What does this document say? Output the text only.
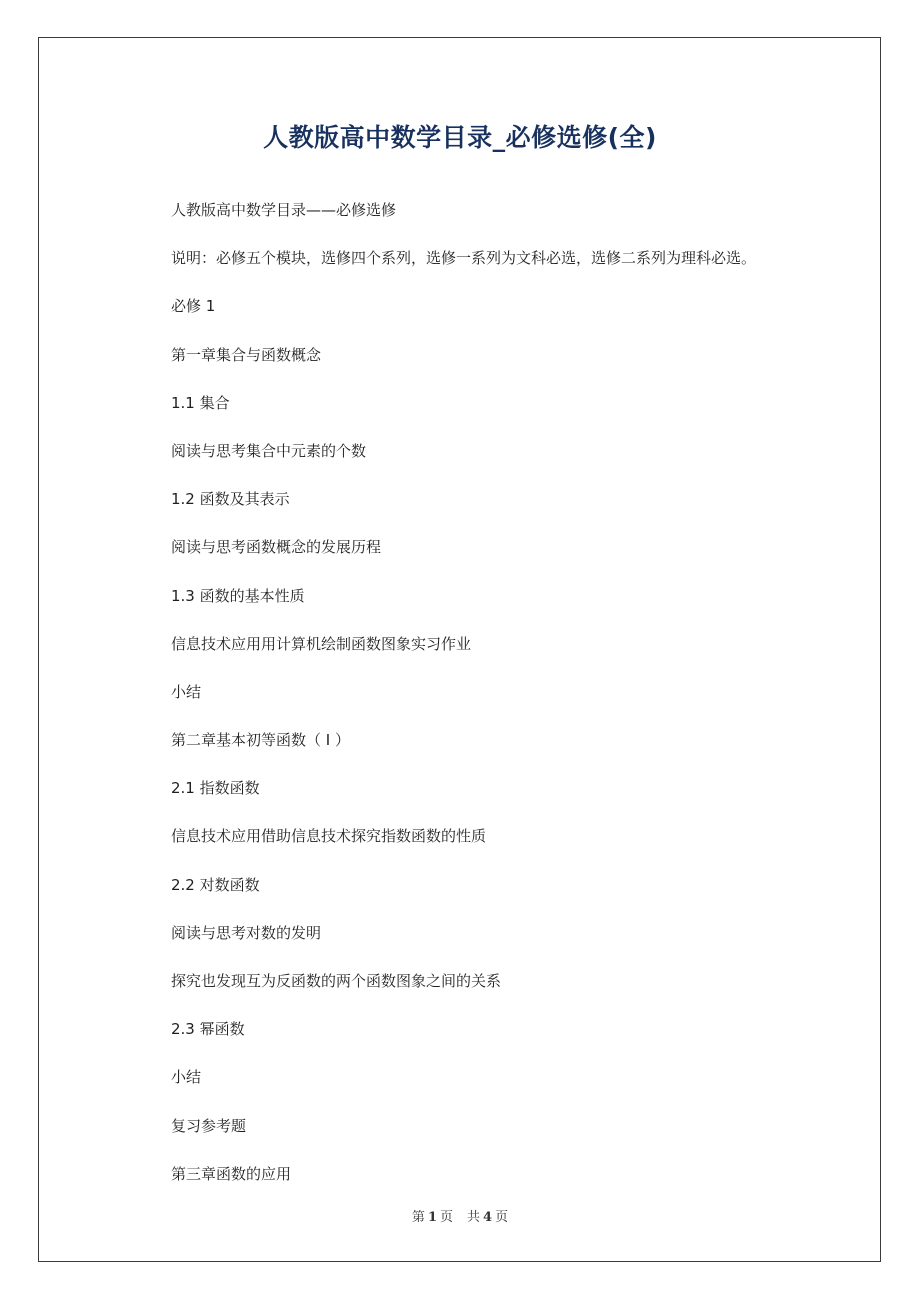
人教版高中数学目录_必修选修(全)
人教版高中数学目录——必修选修
说明：必修五个模块，选修四个系列，选修一系列为文科必选，选修二系列为理科必选。
必修 1
第一章集合与函数概念
1.1 集合
阅读与思考集合中元素的个数
1.2 函数及其表示
阅读与思考函数概念的发展历程
1.3 函数的基本性质
信息技术应用用计算机绘制函数图象实习作业
小结
第二章基本初等函数（ Ⅰ ）
2.1 指数函数
信息技术应用借助信息技术探究指数函数的性质
2.2 对数函数
阅读与思考对数的发明
探究也发现互为反函数的两个函数图象之间的关系
2.3 幂函数
小结
复习参考题
第三章函数的应用
第 1 页 共 4 页
